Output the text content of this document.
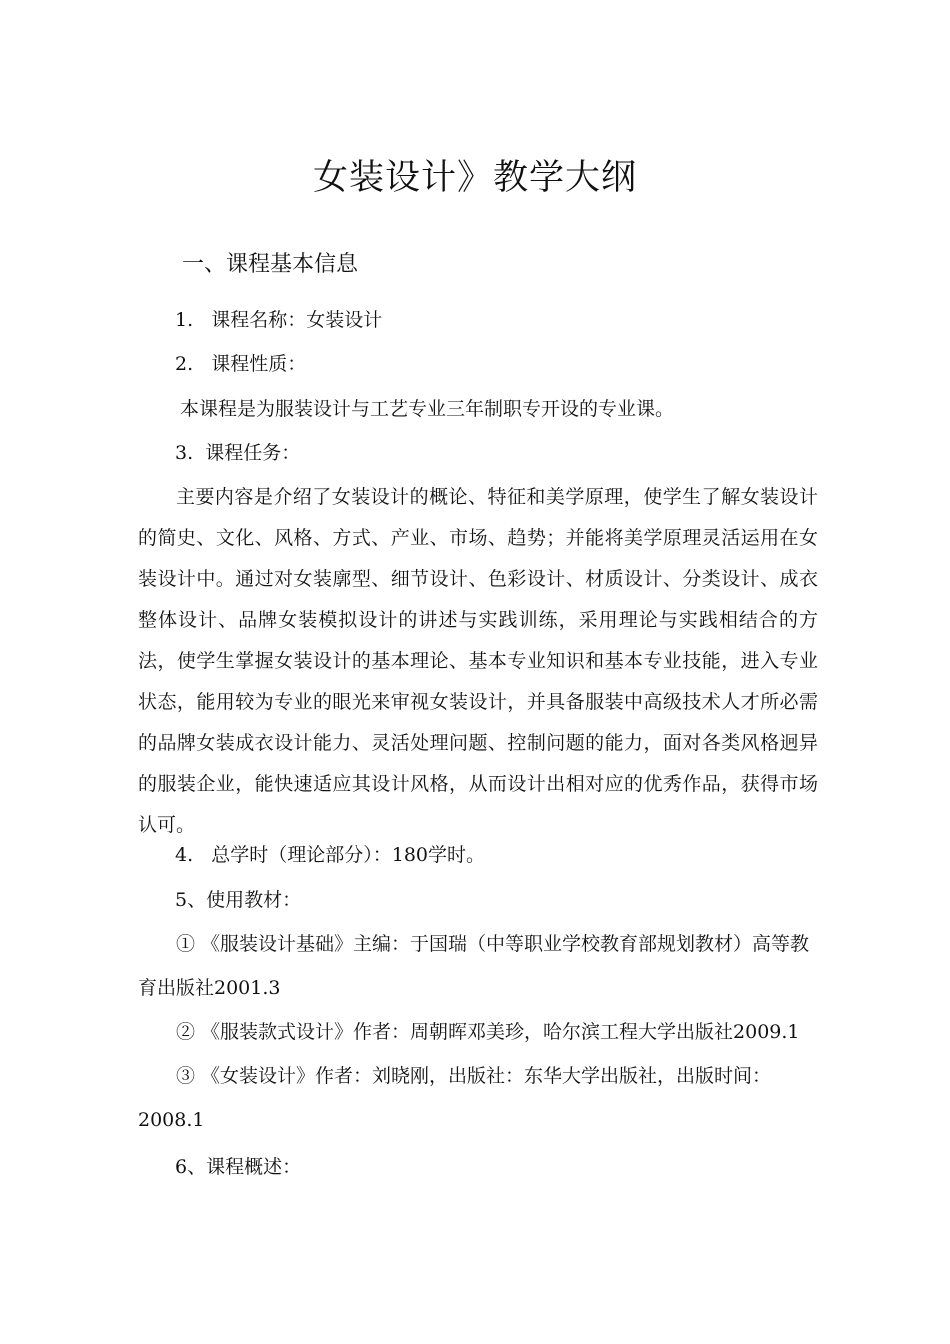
女装设计》教学大纲
一、课程基本信息
1.   课程名称：女装设计
2.   课程性质：
本课程是为服装设计与工艺专业三年制职专开设的专业课。
3.  课程任务：
主要内容是介绍了女装设计的概论、特征和美学原理，使学生了解女装设计的简史、文化、风格、方式、产业、市场、趋势；并能将美学原理灵活运用在女装设计中。通过对女装廓型、细节设计、色彩设计、材质设计、分类设计、成衣整体设计、品牌女装模拟设计的讲述与实践训练，采用理论与实践相结合的方法，使学生掌握女装设计的基本理论、基本专业知识和基本专业技能，进入专业状态，能用较为专业的眼光来审视女装设计，并具备服装中高级技术人才所必需的品牌女装成衣设计能力、灵活处理问题、控制问题的能力，面对各类风格迥异的服装企业，能快速适应其设计风格，从而设计出相对应的优秀作品，获得市场认可。
4.   总学时（理论部分）：180学时。
5、使用教材：
① 《服装设计基础》主编：于国瑞（中等职业学校教育部规划教材）高等教育出版社2001.3
② 《服装款式设计》作者：周朝晖邓美珍，哈尔滨工程大学出版社2009.1
③ 《女装设计》作者：刘晓刚，出版社：东华大学出版社，出版时间：2008.1
6、课程概述：
